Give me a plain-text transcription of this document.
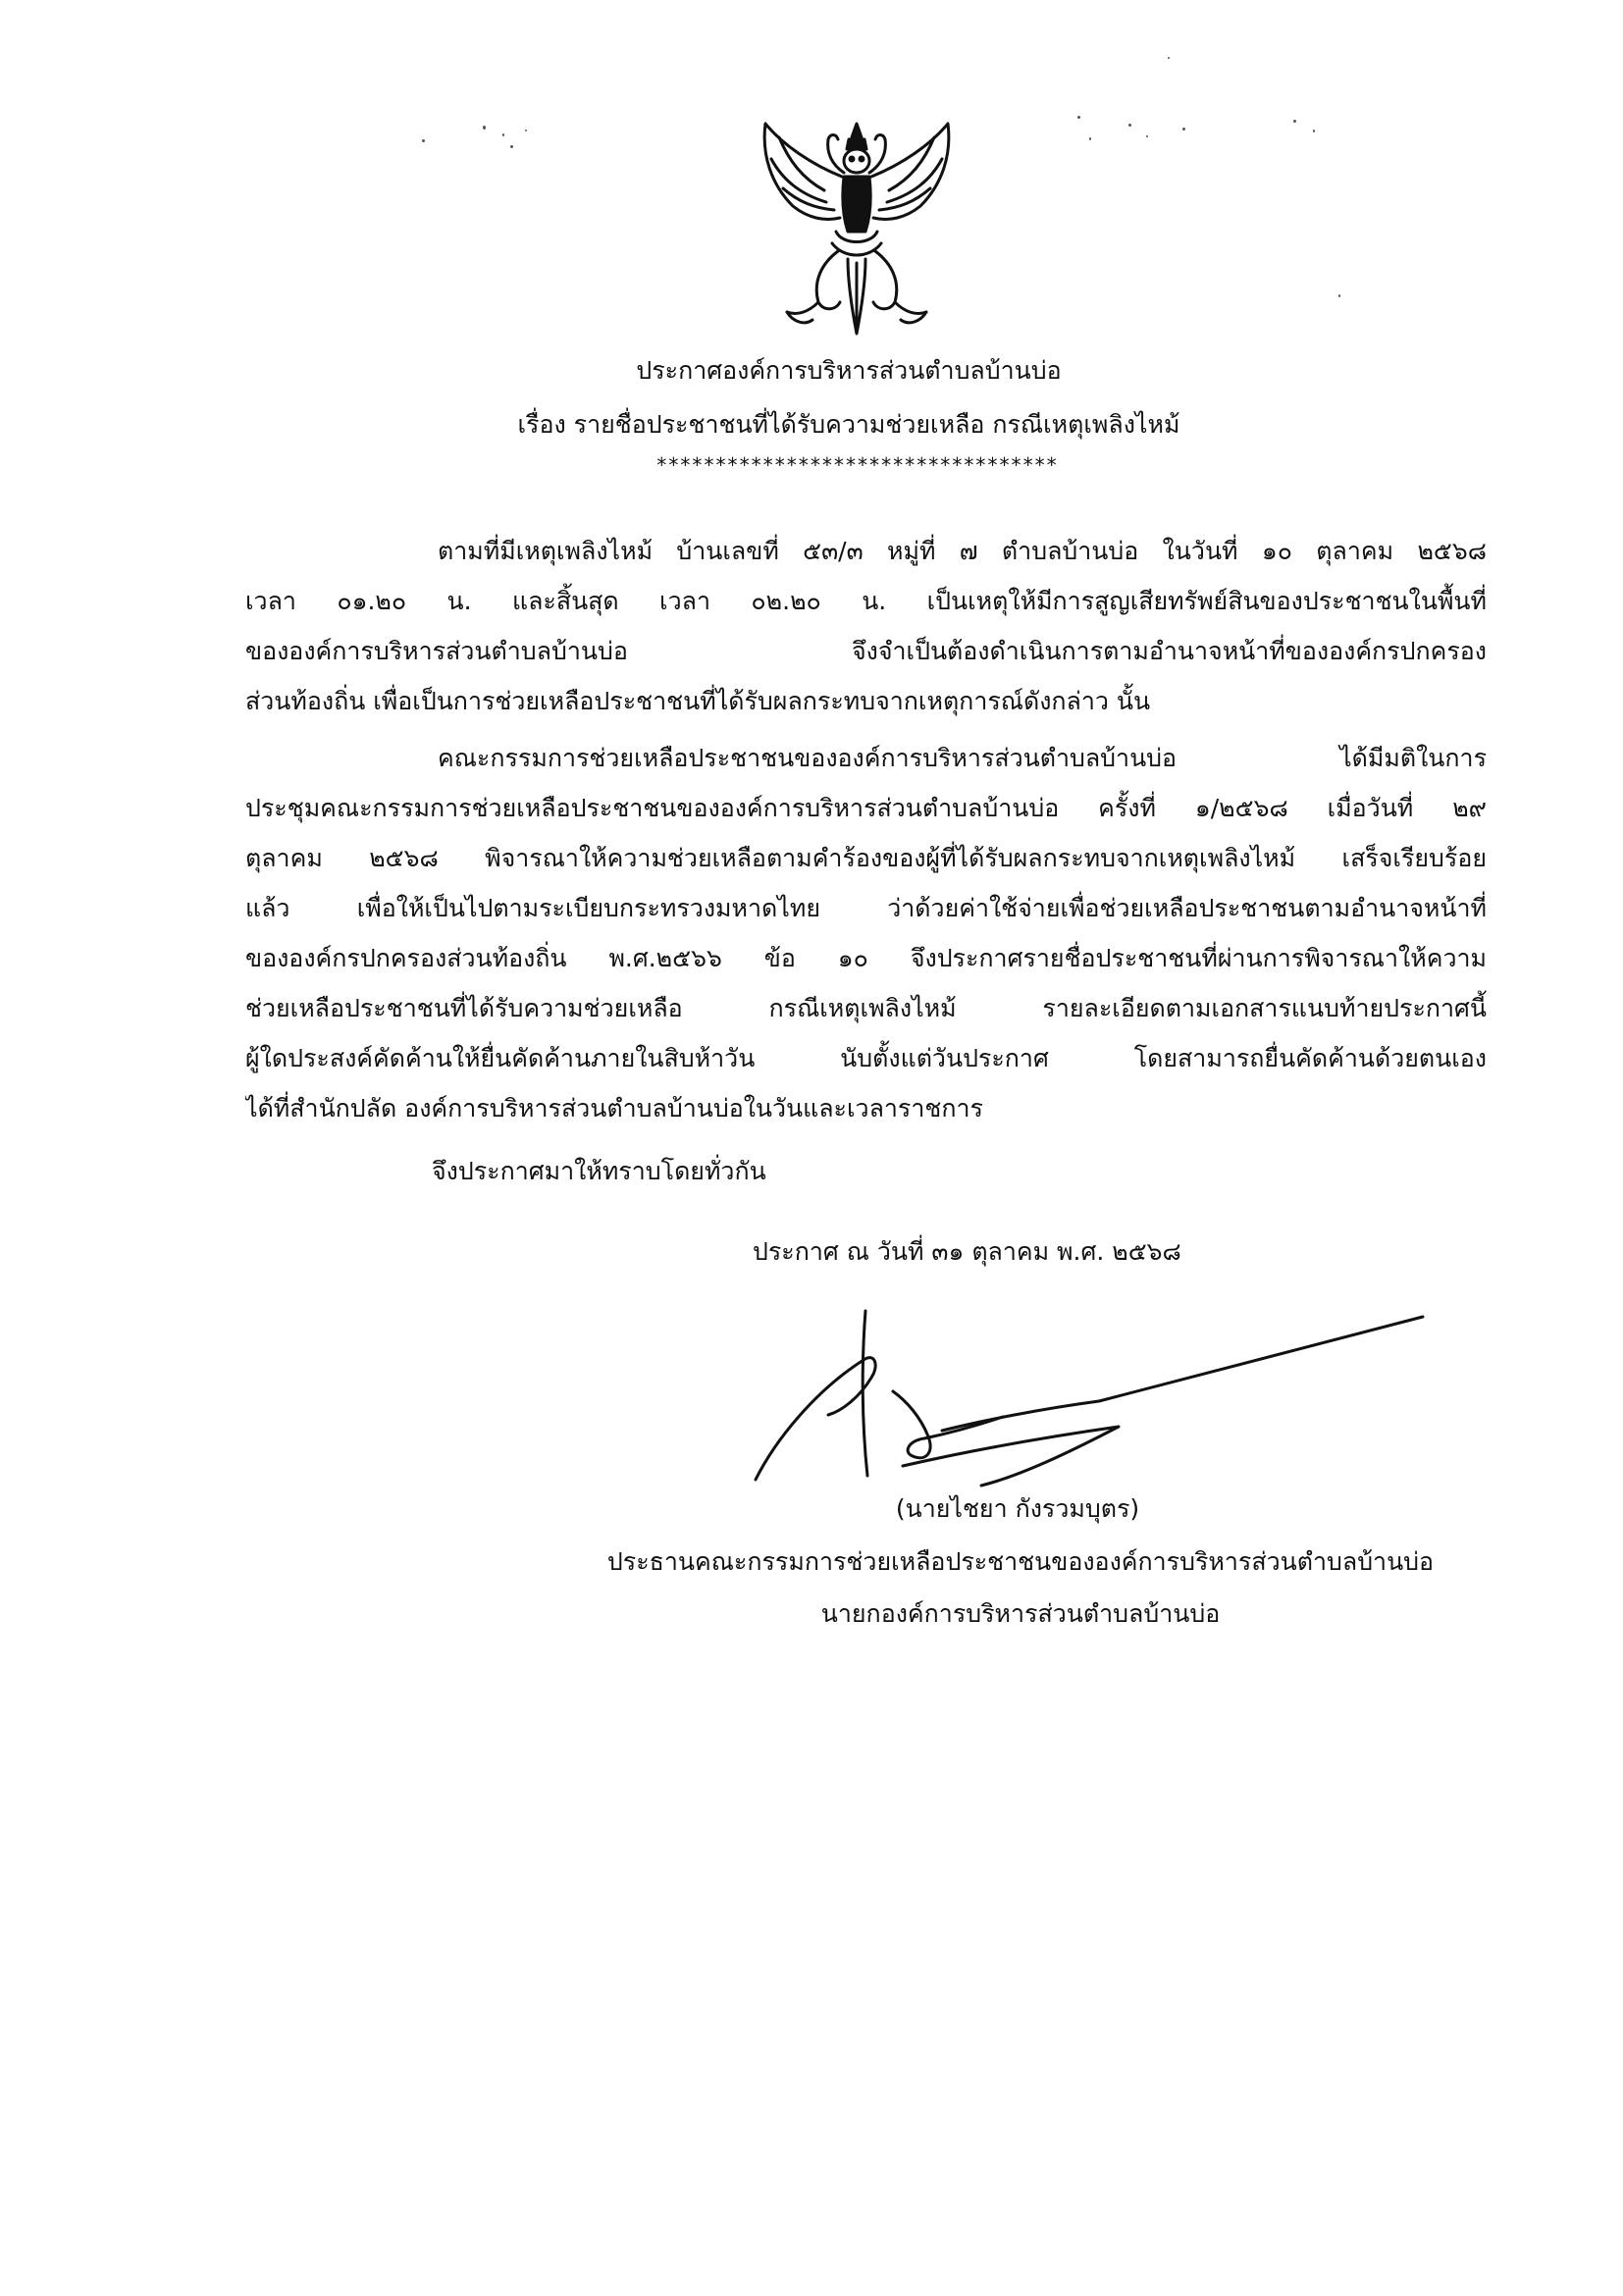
ประกาศองค์การบริหารส่วนตำบลบ้านบ่อ
เรื่อง รายชื่อประชาชนที่ได้รับความช่วยเหลือ กรณีเหตุเพลิงไหม้
**********************************
ตามที่มีเหตุเพลิงไหม้ บ้านเลขที่ ๕๓/๓ หมู่ที่ ๗ ตำบลบ้านบ่อ ในวันที่ ๑๐ ตุลาคม ๒๕๖๘
เวลา ๐๑.๒๐ น. และสิ้นสุด เวลา ๐๒.๒๐ น. เป็นเหตุให้มีการสูญเสียทรัพย์สินของประชาชนในพื้นที่
ขององค์การบริหารส่วนตำบลบ้านบ่อ จึงจำเป็นต้องดำเนินการตามอำนาจหน้าที่ขององค์กรปกครอง
ส่วนท้องถิ่น เพื่อเป็นการช่วยเหลือประชาชนที่ได้รับผลกระทบจากเหตุการณ์ดังกล่าว นั้น
คณะกรรมการช่วยเหลือประชาชนขององค์การบริหารส่วนตำบลบ้านบ่อ ได้มีมติในการ
ประชุมคณะกรรมการช่วยเหลือประชาชนขององค์การบริหารส่วนตำบลบ้านบ่อ ครั้งที่ ๑/๒๕๖๘ เมื่อวันที่ ๒๙
ตุลาคม ๒๕๖๘ พิจารณาให้ความช่วยเหลือตามคำร้องของผู้ที่ได้รับผลกระทบจากเหตุเพลิงไหม้ เสร็จเรียบร้อย
แล้ว เพื่อให้เป็นไปตามระเบียบกระทรวงมหาดไทย ว่าด้วยค่าใช้จ่ายเพื่อช่วยเหลือประชาชนตามอำนาจหน้าที่
ขององค์กรปกครองส่วนท้องถิ่น พ.ศ.๒๕๖๖ ข้อ ๑๐ จึงประกาศรายชื่อประชาชนที่ผ่านการพิจารณาให้ความ
ช่วยเหลือประชาชนที่ได้รับความช่วยเหลือ กรณีเหตุเพลิงไหม้ รายละเอียดตามเอกสารแนบท้ายประกาศนี้
ผู้ใดประสงค์คัดค้านให้ยื่นคัดค้านภายในสิบห้าวัน นับตั้งแต่วันประกาศ โดยสามารถยื่นคัดค้านด้วยตนเอง
ได้ที่สำนักปลัด องค์การบริหารส่วนตำบลบ้านบ่อในวันและเวลาราชการ
จึงประกาศมาให้ทราบโดยทั่วกัน
ประกาศ ณ วันที่ ๓๑ ตุลาคม พ.ศ. ๒๕๖๘
(นายไชยา กังรวมบุตร)
ประธานคณะกรรมการช่วยเหลือประชาชนขององค์การบริหารส่วนตำบลบ้านบ่อ
นายกองค์การบริหารส่วนตำบลบ้านบ่อ
